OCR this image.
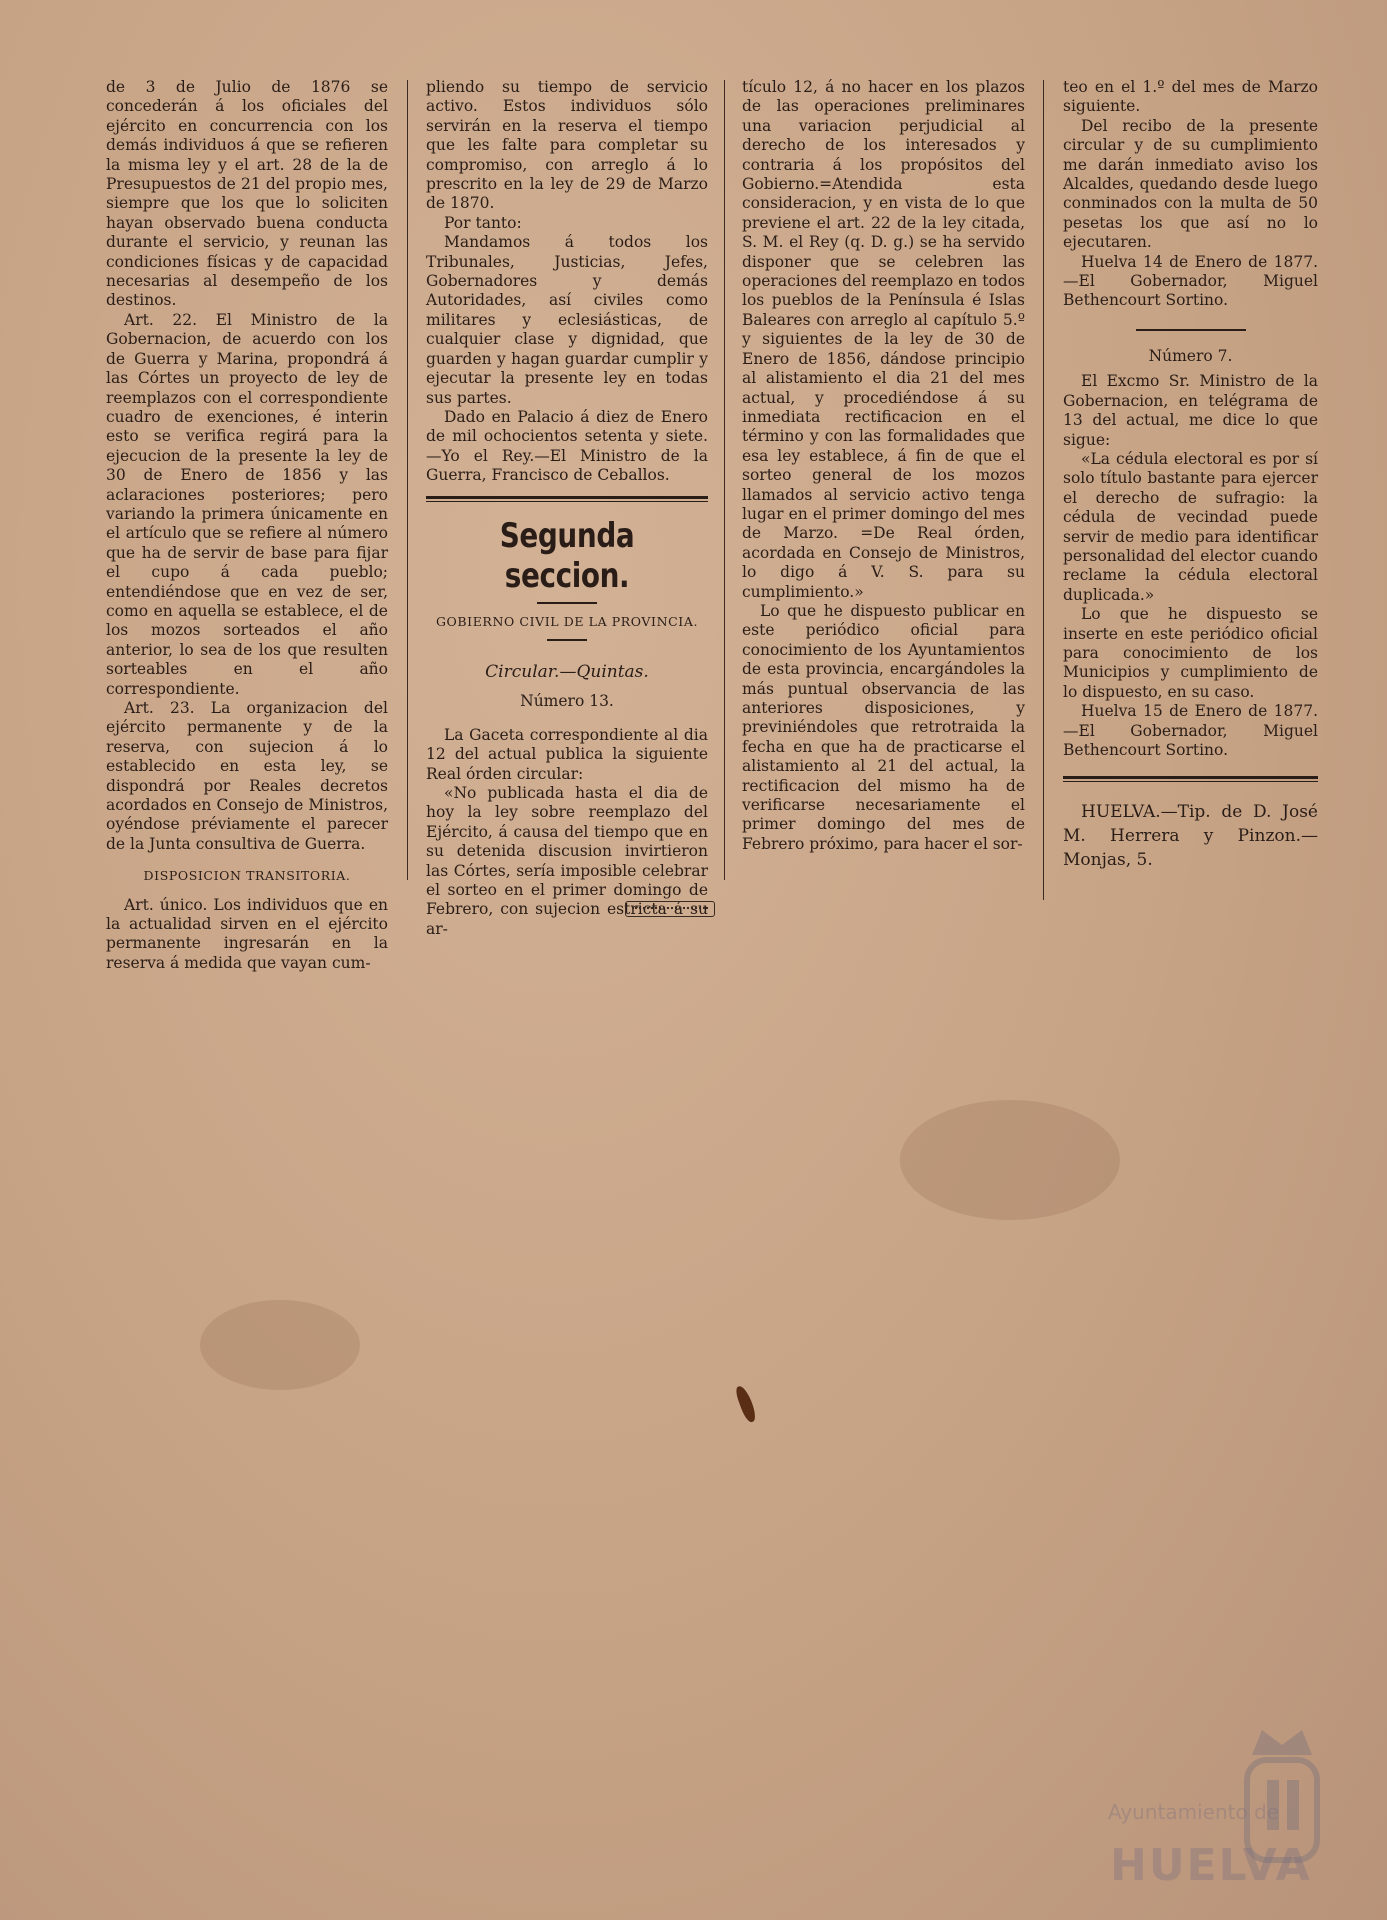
de 3 de Julio de 1876 se concederán á los oficiales del ejército en concurrencia con los demás individuos á que se refieren la misma ley y el art. 28 de la de Presupuestos de 21 del propio mes, siempre que los que lo soliciten hayan observado buena conducta durante el servicio, y reunan las condiciones físicas y de capacidad necesarias al desempeño de los destinos.

Art. 22. El Ministro de la Gobernacion, de acuerdo con los de Guerra y Marina, propondrá á las Córtes un proyecto de ley de reemplazos con el correspondiente cuadro de exenciones, é interin esto se verifica regirá para la ejecucion de la presente la ley de 30 de Enero de 1856 y las aclaraciones posteriores; pero variando la primera únicamente en el artículo que se refiere al número que ha de servir de base para fijar el cupo á cada pueblo; entendiéndose que en vez de ser, como en aquella se establece, el de los mozos sorteados el año anterior, lo sea de los que resulten sorteables en el año correspondiente.

Art. 23. La organizacion del ejército permanente y de la reserva, con sujecion á lo establecido en esta ley, se dispondrá por Reales decretos acordados en Consejo de Ministros, oyéndose préviamente el parecer de la Junta consultiva de Guerra.

DISPOSICION TRANSITORIA.

Art. único. Los individuos que en la actualidad sirven en el ejército permanente ingresarán en la reserva á medida que vayan cum-

pliendo su tiempo de servicio activo. Estos individuos sólo servirán en la reserva el tiempo que les falte para completar su compromiso, con arreglo á lo prescrito en la ley de 29 de Marzo de 1870.

Por tanto:

Mandamos á todos los Tribunales, Justicias, Jefes, Gobernadores y demás Autoridades, así civiles como militares y eclesiásticas, de cualquier clase y dignidad, que guarden y hagan guardar cumplir y ejecutar la presente ley en todas sus partes.

Dado en Palacio á diez de Enero de mil ochocientos setenta y siete.—Yo el Rey.—El Ministro de la Guerra, Francisco de Ceballos.

Segunda seccion.

GOBIERNO CIVIL DE LA PROVINCIA.

Circular.—Quintas.

Número 13.

La Gaceta correspondiente al dia 12 del actual publica la siguiente Real órden circular:

«No publicada hasta el dia de hoy la ley sobre reemplazo del Ejército, á causa del tiempo que en su detenida discusion invirtieron las Córtes, sería imposible celebrar el sorteo en el primer domingo de Febrero, con sujecion estricta á su ar-

tículo 12, á no hacer en los plazos de las operaciones preliminares una variacion perjudicial al derecho de los interesados y contraria á los propósitos del Gobierno.=Atendida esta consideracion, y en vista de lo que previene el art. 22 de la ley citada, S. M. el Rey (q. D. g.) se ha servido disponer que se celebren las operaciones del reemplazo en todos los pueblos de la Península é Islas Baleares con arreglo al capítulo 5.º y siguientes de la ley de 30 de Enero de 1856, dándose principio al alistamiento el dia 21 del mes actual, y procediéndose á su inmediata rectificacion en el término y con las formalidades que esa ley establece, á fin de que el sorteo general de los mozos llamados al servicio activo tenga lugar en el primer domingo del mes de Marzo. =De Real órden, acordada en Consejo de Ministros, lo digo á V. S. para su cumplimiento.»

Lo que he dispuesto publicar en este periódico oficial para conocimiento de los Ayuntamientos de esta provincia, encargándoles la más puntual observancia de las anteriores disposiciones, y previniéndoles que retrotraida la fecha en que ha de practicarse el alistamiento al 21 del actual, la rectificacion del mismo ha de verificarse necesariamente el primer domingo del mes de Febrero próximo, para hacer el sor-

teo en el 1.º del mes de Marzo siguiente.

Del recibo de la presente circular y de su cumplimiento me darán inmediato aviso los Alcaldes, quedando desde luego conminados con la multa de 50 pesetas los que así no lo ejecutaren.

Huelva 14 de Enero de 1877.—El Gobernador, Miguel Bethencourt Sortino.

Número 7.

El Excmo Sr. Ministro de la Gobernacion, en telégrama de 13 del actual, me dice lo que sigue:

«La cédula electoral es por sí solo título bastante para ejercer el derecho de sufragio: la cédula de vecindad puede servir de medio para identificar personalidad del elector cuando reclame la cédula electoral duplicada.»

Lo que he dispuesto se inserte en este periódico oficial para conocimiento de los Municipios y cumplimiento de lo dispuesto, en su caso.

Huelva 15 de Enero de 1877. —El Gobernador, Miguel Bethencourt Sortino.

HUELVA.—Tip. de D. José M. Herrera y Pinzon.—Monjas, 5.

Ayuntamiento de
HUELVA
